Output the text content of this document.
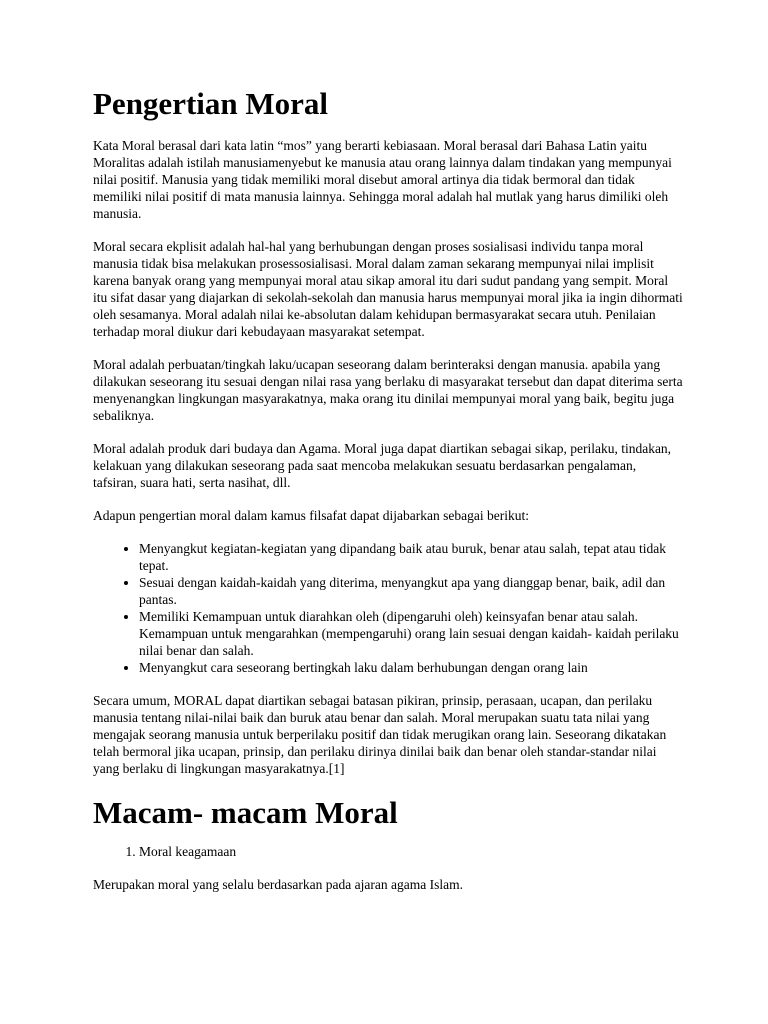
Pengertian Moral

Kata Moral berasal dari kata latin “mos” yang berarti kebiasaan. Moral berasal dari Bahasa Latin yaitu Moralitas adalah istilah manusiamenyebut ke manusia atau orang lainnya dalam tindakan yang mempunyai nilai positif. Manusia yang tidak memiliki moral disebut amoral artinya dia tidak bermoral dan tidak memiliki nilai positif di mata manusia lainnya. Sehingga moral adalah hal mutlak yang harus dimiliki oleh manusia.

Moral secara ekplisit adalah hal-hal yang berhubungan dengan proses sosialisasi individu tanpa moral manusia tidak bisa melakukan prosessosialisasi. Moral dalam zaman sekarang mempunyai nilai implisit karena banyak orang yang mempunyai moral atau sikap amoral itu dari sudut pandang yang sempit. Moral itu sifat dasar yang diajarkan di sekolah-sekolah dan manusia harus mempunyai moral jika ia ingin dihormati oleh sesamanya. Moral adalah nilai ke-absolutan dalam kehidupan bermasyarakat secara utuh. Penilaian terhadap moral diukur dari kebudayaan masyarakat setempat.

Moral adalah perbuatan/tingkah laku/ucapan seseorang dalam berinteraksi dengan manusia. apabila yang dilakukan seseorang itu sesuai dengan nilai rasa yang berlaku di masyarakat tersebut dan dapat diterima serta menyenangkan lingkungan masyarakatnya, maka orang itu dinilai mempunyai moral yang baik, begitu juga sebaliknya.

Moral adalah produk dari budaya dan Agama. Moral juga dapat diartikan sebagai sikap, perilaku, tindakan, kelakuan yang dilakukan seseorang pada saat mencoba melakukan sesuatu berdasarkan pengalaman, tafsiran, suara hati, serta nasihat, dll.

Adapun pengertian moral dalam kamus filsafat dapat dijabarkan sebagai berikut:

• Menyangkut kegiatan-kegiatan yang dipandang baik atau buruk, benar atau salah, tepat atau tidak tepat.
• Sesuai dengan kaidah-kaidah yang diterima, menyangkut apa yang dianggap benar, baik, adil dan pantas.
• Memiliki Kemampuan untuk diarahkan oleh (dipengaruhi oleh) keinsyafan benar atau salah. Kemampuan untuk mengarahkan (mempengaruhi) orang lain sesuai dengan kaidah- kaidah perilaku nilai benar dan salah.
• Menyangkut cara seseorang bertingkah laku dalam berhubungan dengan orang lain

Secara umum, MORAL dapat diartikan sebagai batasan pikiran, prinsip, perasaan, ucapan, dan perilaku manusia tentang nilai-nilai baik dan buruk atau benar dan salah. Moral merupakan suatu tata nilai yang mengajak seorang manusia untuk berperilaku positif dan tidak merugikan orang lain. Seseorang dikatakan telah bermoral jika ucapan, prinsip, dan perilaku dirinya dinilai baik dan benar oleh standar-standar nilai yang berlaku di lingkungan masyarakatnya.[1]

Macam- macam Moral
1. Moral keagamaan

Merupakan moral yang selalu berdasarkan pada ajaran agama Islam.
